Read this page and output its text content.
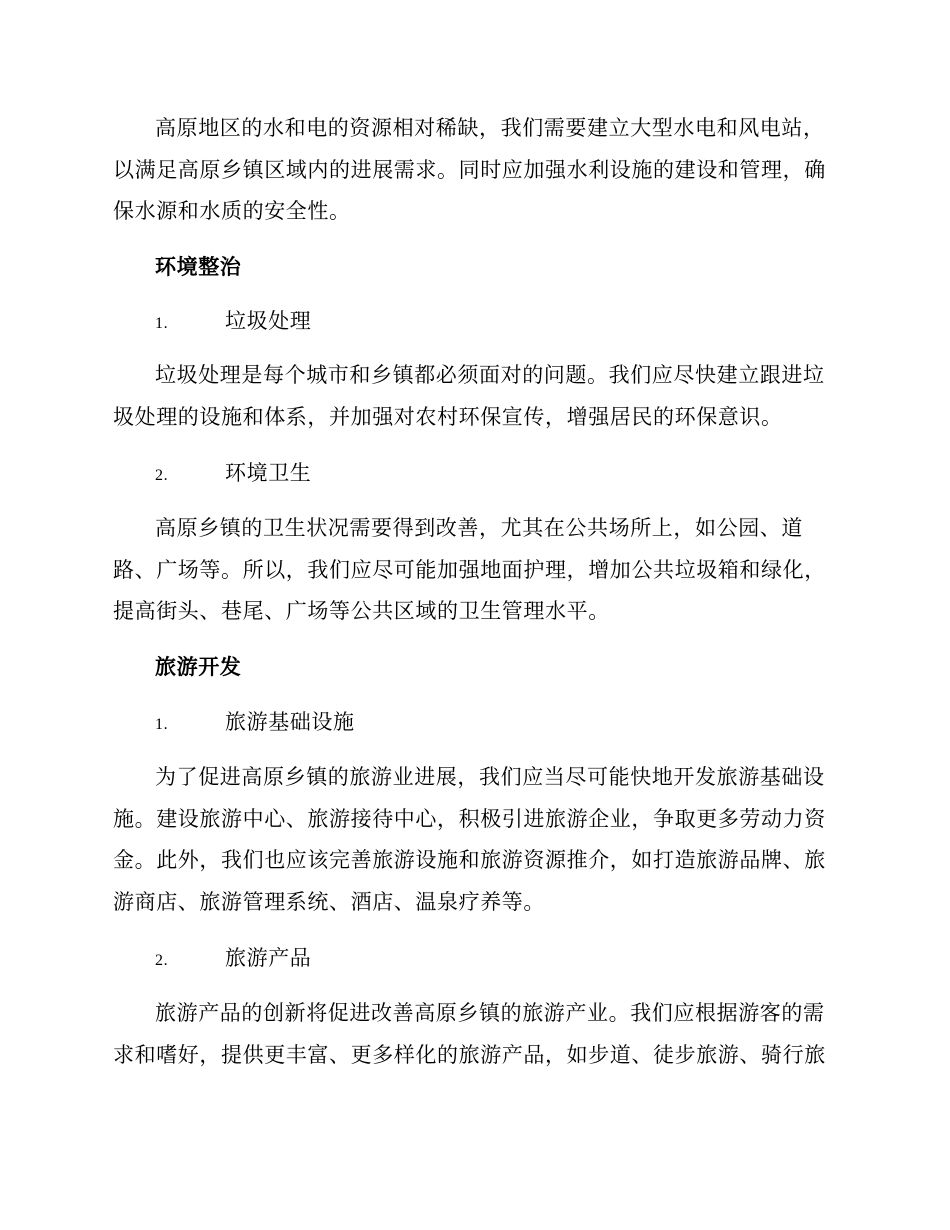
高原地区的水和电的资源相对稀缺，我们需要建立大型水电和风电站，以满足高原乡镇区域内的进展需求。同时应加强水利设施的建设和管理，确保水源和水质的安全性。

环境整治

1.	垃圾处理

垃圾处理是每个城市和乡镇都必须面对的问题。我们应尽快建立跟进垃圾处理的设施和体系，并加强对农村环保宣传，增强居民的环保意识。

2.	环境卫生

高原乡镇的卫生状况需要得到改善，尤其在公共场所上，如公园、道路、广场等。所以，我们应尽可能加强地面护理，增加公共垃圾箱和绿化，提高街头、巷尾、广场等公共区域的卫生管理水平。

旅游开发

1.	旅游基础设施

为了促进高原乡镇的旅游业进展，我们应当尽可能快地开发旅游基础设施。建设旅游中心、旅游接待中心，积极引进旅游企业，争取更多劳动力资金。此外，我们也应该完善旅游设施和旅游资源推介，如打造旅游品牌、旅游商店、旅游管理系统、酒店、温泉疗养等。

2.	旅游产品

旅游产品的创新将促进改善高原乡镇的旅游产业。我们应根据游客的需求和嗜好，提供更丰富、更多样化的旅游产品，如步道、徒步旅游、骑行旅
